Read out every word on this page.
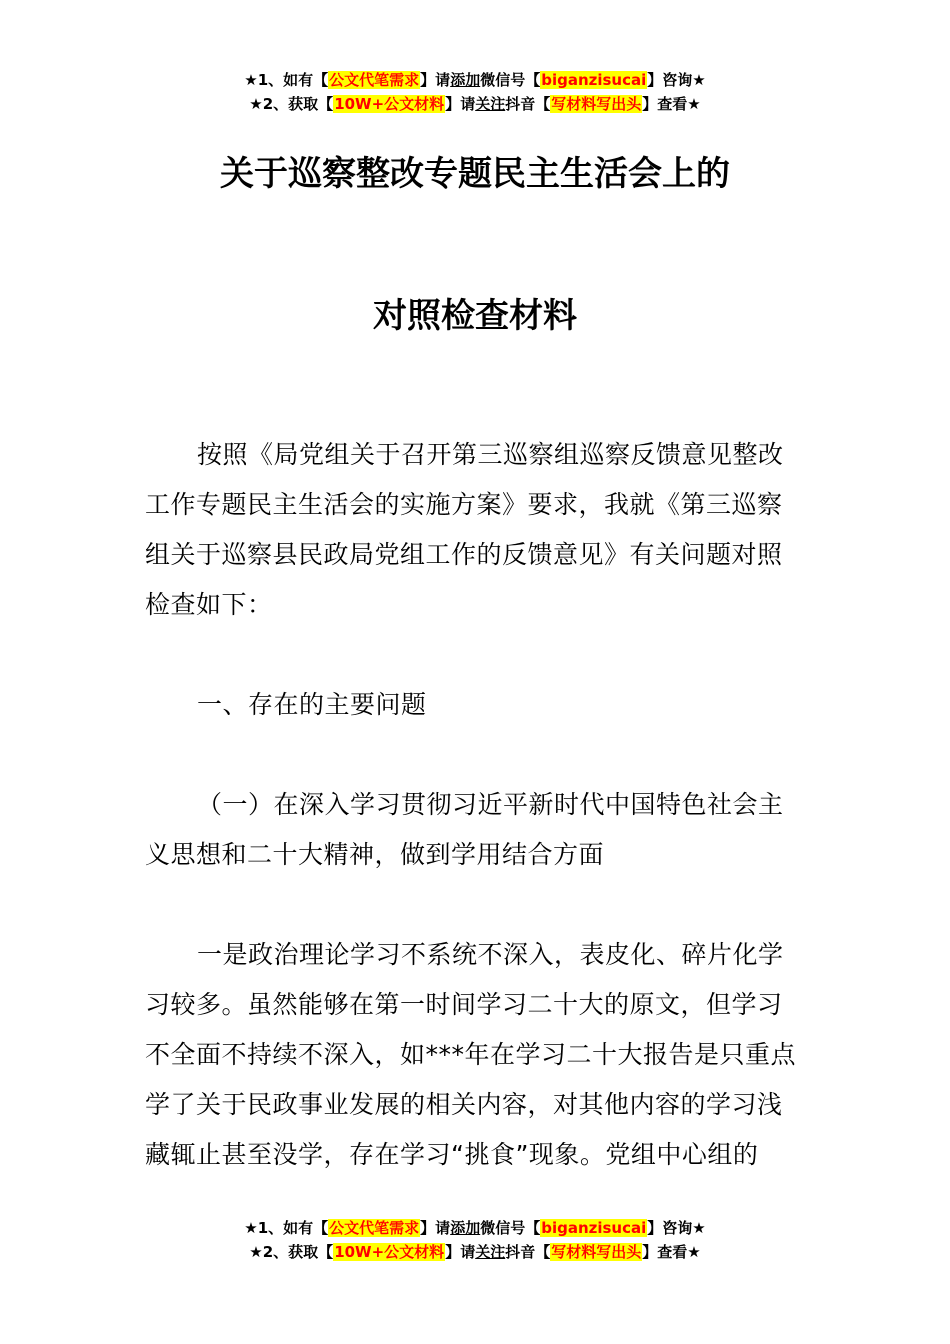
★1、如有【公文代笔需求】请添加微信号【biganzisucai】咨询★
★2、获取【10W+公文材料】请关注抖音【写材料写出头】查看★
关于巡察整改专题民主生活会上的
对照检查材料

按照《局党组关于召开第三巡察组巡察反馈意见整改工作专题民主生活会的实施方案》要求，我就《第三巡察组关于巡察县民政局党组工作的反馈意见》有关问题对照检查如下：

一、存在的主要问题

（一）在深入学习贯彻习近平新时代中国特色社会主义思想和二十大精神，做到学用结合方面

一是政治理论学习不系统不深入，表皮化、碎片化学习较多。虽然能够在第一时间学习二十大的原文，但学习不全面不持续不深入，如***年在学习二十大报告是只重点学了关于民政事业发展的相关内容，对其他内容的学习浅藏辄止甚至没学，存在学习“挑食”现象。党组中心组的

★1、如有【公文代笔需求】请添加微信号【biganzisucai】咨询★
★2、获取【10W+公文材料】请关注抖音【写材料写出头】查看★
